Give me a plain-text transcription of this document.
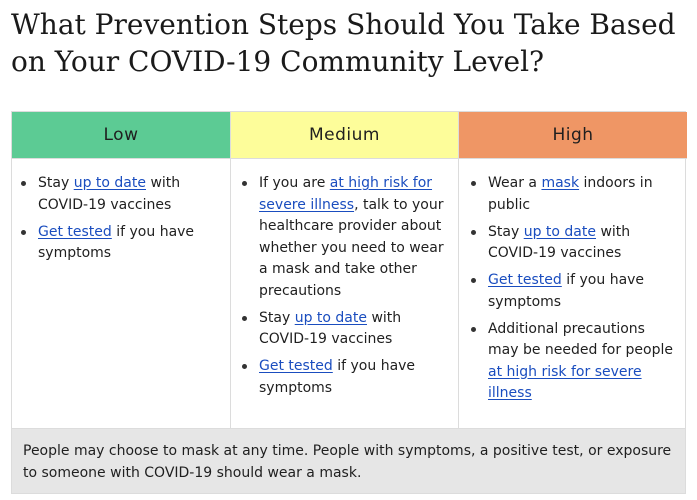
What Prevention Steps Should You Take Based on Your COVID-19 Community Level?
Low
Stay up to date with COVID-19 vaccines
Get tested if you have symptoms
Medium
If you are at high risk for severe illness, talk to your healthcare provider about whether you need to wear a mask and take other precautions
Stay up to date with COVID-19 vaccines
Get tested if you have symptoms
High
Wear a mask indoors in public
Stay up to date with COVID-19 vaccines
Get tested if you have symptoms
Additional precautions may be needed for people at high risk for severe illness
People may choose to mask at any time. People with symptoms, a positive test, or exposure to someone with COVID-19 should wear a mask.
